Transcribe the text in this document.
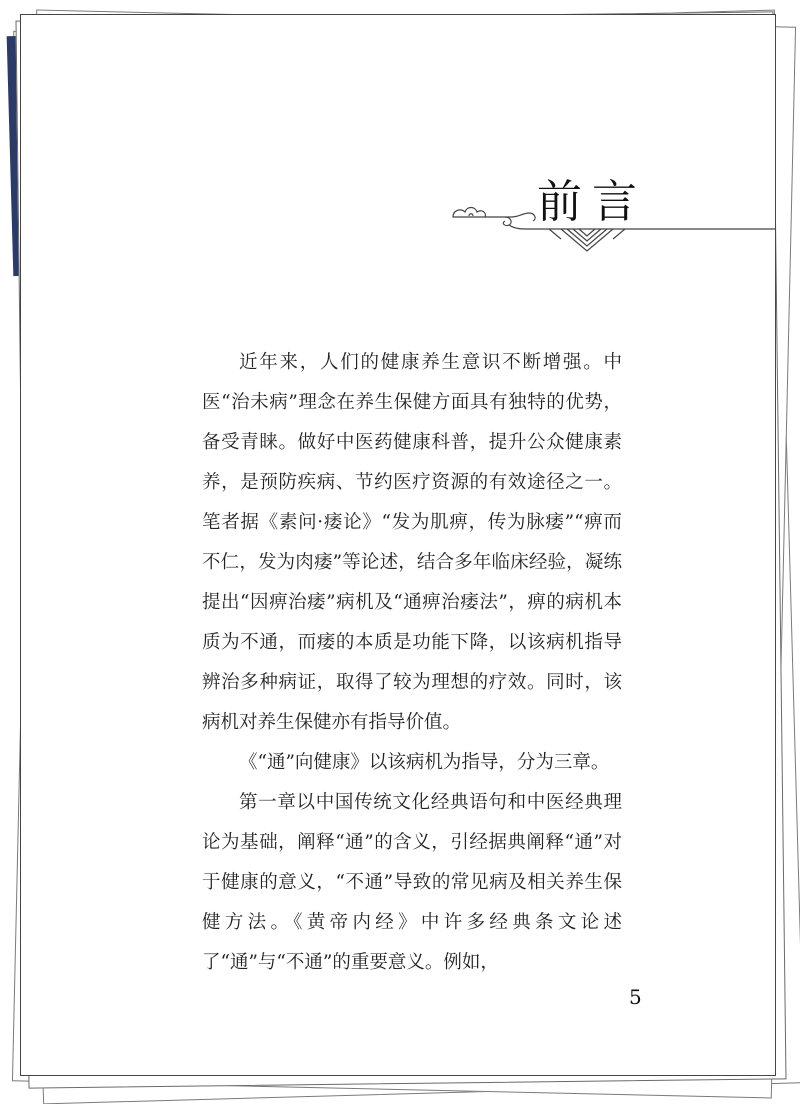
前言

近年来，人们的健康养生意识不断增强。中医“治未病”理念在养生保健方面具有独特的优势，备受青睐。做好中医药健康科普，提升公众健康素养，是预防疾病、节约医疗资源的有效途径之一。笔者据《素问·痿论》“发为肌痹，传为脉痿”“痹而不仁，发为肉痿”等论述，结合多年临床经验，凝练提出“因痹治痿”病机及“通痹治痿法”，痹的病机本质为不通，而痿的本质是功能下降，以该病机指导辨治多种病证，取得了较为理想的疗效。同时，该病机对养生保健亦有指导价值。

《“通”向健康》以该病机为指导，分为三章。

第一章以中国传统文化经典语句和中医经典理论为基础，阐释“通”的含义，引经据典阐释“通”对于健康的意义，“不通”导致的常见病及相关养生保健方法。《黄帝内经》中许多经典条文论述了“通”与“不通”的重要意义。例如，

5
